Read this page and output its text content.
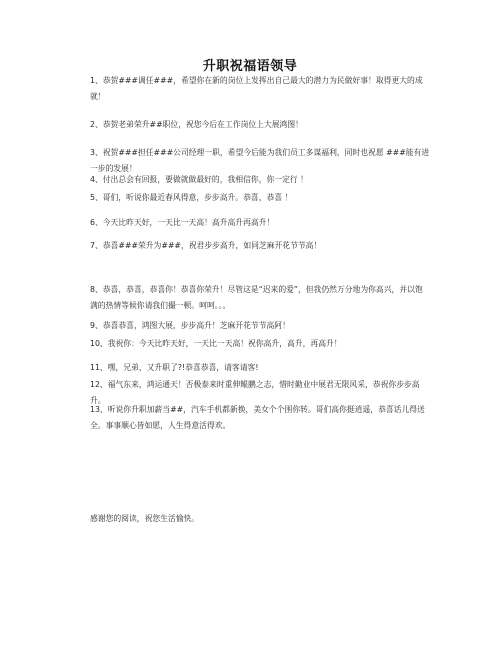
升职祝福语领导

1、恭贺###调任###，希望你在新的岗位上发挥出自己最大的潜力为民做好事！取得更大的成就！

2、恭贺老弟荣升##职位，祝您今后在工作岗位上大展鸿图！

3、祝贺###担任###公司经理一职，希望今后能为我们员工多谋福利，同时也祝愿 ###能有进一步的发展！

4、付出总会有回报，要做就做最好的，我相信你，你一定行 ！

5、哥们，听说你最近春风得意，步步高升。恭喜，恭喜 ！

6、今天比昨天好，一天比一天高！高升高升再高升！

7、恭喜###荣升为###，祝君步步高升，如同芝麻开花节节高！

8、恭喜，恭喜，恭喜你！恭喜你荣升！尽管这是“迟来的爱”，但我仍然万分地为你高兴，并以饱满的热情等候你请我们撮一顿。呵呵。。。

9、恭喜恭喜，鸿图大展，步步高升！芝麻开花节节高阿！

10、我祝你：今天比昨天好，一天比一天高！祝你高升，高升，再高升！

11、嘿，兄弟，又升职了?!恭喜恭喜，请客请客!

12、福气东来，鸿运通天！否极泰来时重伸鲲鹏之志，惜时勤业中展君无限风采，恭祝你步步高升。

13、听说你升职加薪当##，汽车手机都新换，美女个个围你转。哥们高你挺逍遥，恭喜话儿得送全。事事顺心皆如愿，人生得意活得欢。

感谢您的阅读，祝您生活愉快。
